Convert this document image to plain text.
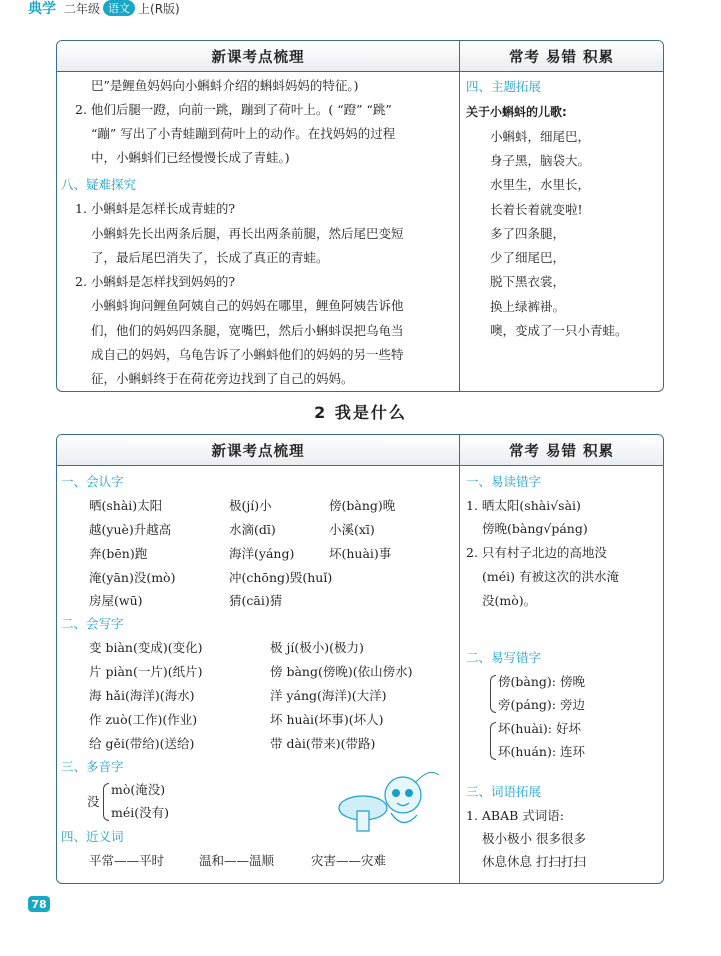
典学 二年级 语文 上(R版)
新课考点梳理
巴”是鲤鱼妈妈向小蝌蚪介绍的蝌蚪妈妈的特征。)
2. 他们后腿一蹬，向前一跳，蹦到了荷叶上。( “蹬” “跳”
“蹦” 写出了小青蛙蹦到荷叶上的动作。在找妈妈的过程
中，小蝌蚪们已经慢慢长成了青蛙。)
八、疑难探究
1. 小蝌蚪是怎样长成青蛙的?
小蝌蚪先长出两条后腿，再长出两条前腿，然后尾巴变短
了，最后尾巴消失了，长成了真正的青蛙。
2. 小蝌蚪是怎样找到妈妈的?
小蝌蚪询问鲤鱼阿姨自己的妈妈在哪里，鲤鱼阿姨告诉他
们，他们的妈妈四条腿，宽嘴巴，然后小蝌蚪误把乌龟当
成自己的妈妈，乌龟告诉了小蝌蚪他们的妈妈的另一些特
征，小蝌蚪终于在荷花旁边找到了自己的妈妈。
常考 易错 积累
四、主题拓展
关于小蝌蚪的儿歌:
小蝌蚪，细尾巴，
身子黑，脑袋大。
水里生，水里长，
长着长着就变啦!
多了四条腿，
少了细尾巴，
脱下黑衣裳，
换上绿裤褂。
噢，变成了一只小青蛙。
2 我是什么
新课考点梳理
一、会认字
晒(shài)太阳	极(jí)小	傍(bàng)晚
越(yuè)升越高	水滴(dī)	小溪(xī)
奔(bēn)跑	海洋(yáng)	坏(huài)事
淹(yān)没(mò)	冲(chōng)毁(huǐ)
房屋(wū)	猜(cāi)猜
二、会写字
变 biàn(变成)(变化)	极 jí(极小)(极力)
片 piàn(一片)(纸片)	傍 bàng(傍晚)(依山傍水)
海 hǎi(海洋)(海水)	洋 yáng(海洋)(大洋)
作 zuò(工作)(作业)	坏 huài(坏事)(坏人)
给 gěi(带给)(送给)	带 dài(带来)(带路)
三、多音字
没
mò(淹没)
méi(没有)
四、近义词
平常——平时	温和——温顺	灾害——灾难
常考 易错 积累
一、易读错字
1. 晒太阳(shài√sài)
傍晚(bàng√páng)
2. 只有村子北边的高地没
(méi) 有被这次的洪水淹
没(mò)。
二、易写错字
傍(bàng): 傍晚
旁(páng): 旁边
坏(huài): 好坏
环(huán): 连环
三、词语拓展
1. ABAB 式词语:
极小极小 很多很多
休息休息 打扫打扫
78
